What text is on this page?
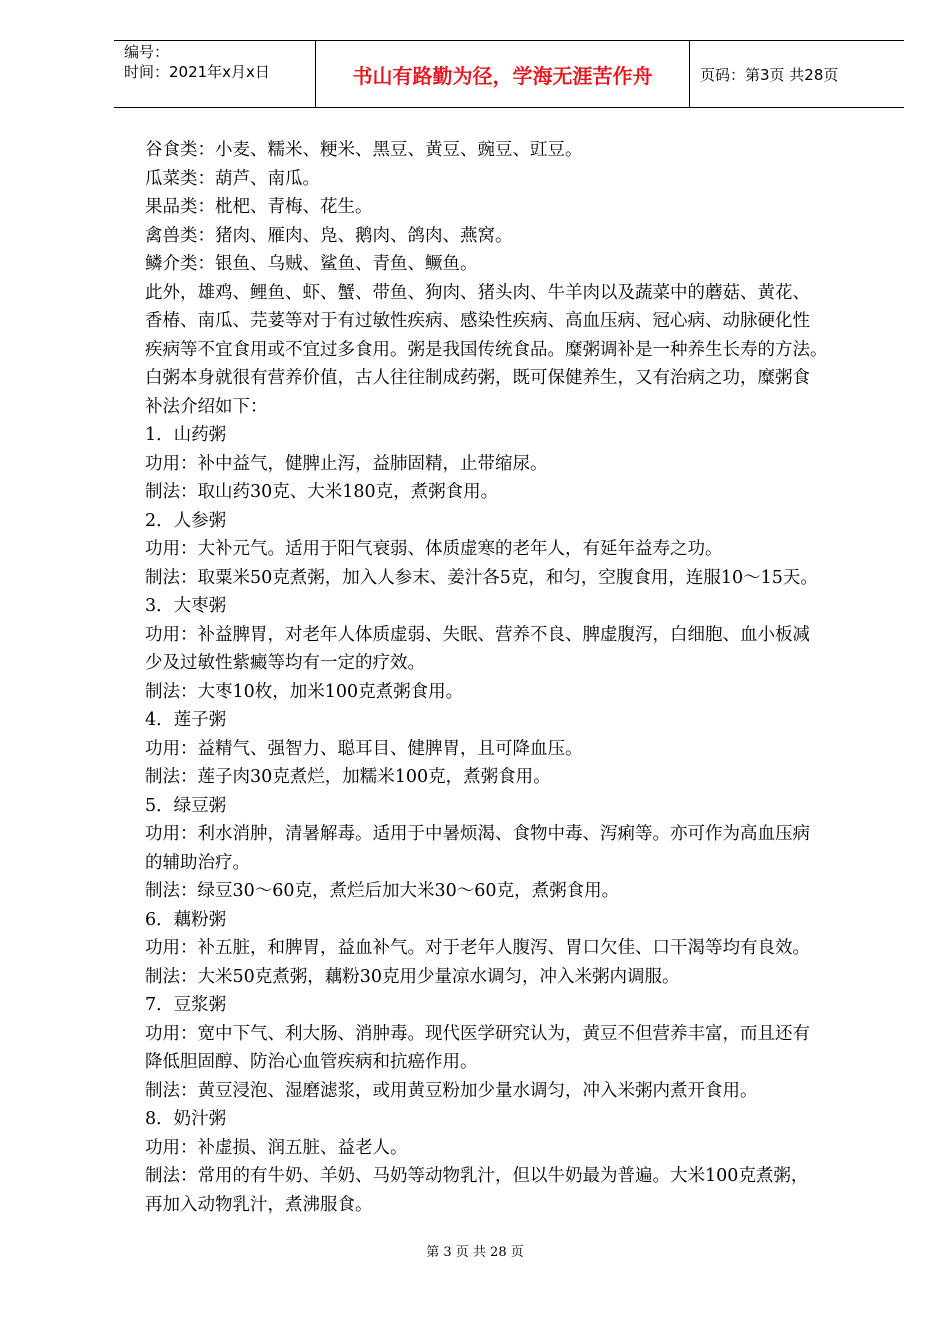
编号：
时间：2021年x月x日	书山有路勤为径，学海无涯苦作舟	页码：第3页 共28页
谷食类：小麦、糯米、粳米、黑豆、黄豆、豌豆、豇豆。
瓜菜类：葫芦、南瓜。
果品类：枇杷、青梅、花生。
禽兽类：猪肉、雁肉、凫、鹅肉、鸽肉、燕窝。
鳞介类：银鱼、乌贼、鲨鱼、青鱼、鳜鱼。
此外，雄鸡、鲤鱼、虾、蟹、带鱼、狗肉、猪头肉、牛羊肉以及蔬菜中的蘑菇、黄花、
香椿、南瓜、芫荽等对于有过敏性疾病、感染性疾病、高血压病、冠心病、动脉硬化性
疾病等不宜食用或不宜过多食用。粥是我国传统食品。糜粥调补是一种养生长寿的方法。
白粥本身就很有营养价值，古人往往制成药粥，既可保健养生，又有治病之功，糜粥食
补法介绍如下：
1．山药粥
功用：补中益气，健脾止泻，益肺固精，止带缩尿。
制法：取山药30克、大米180克，煮粥食用。
2．人参粥
功用：大补元气。适用于阳气衰弱、体质虚寒的老年人，有延年益寿之功。
制法：取粟米50克煮粥，加入人参末、姜汁各5克，和匀，空腹食用，连服10～15天。
3．大枣粥
功用：补益脾胃，对老年人体质虚弱、失眠、营养不良、脾虚腹泻，白细胞、血小板减
少及过敏性紫癜等均有一定的疗效。
制法：大枣10枚，加米100克煮粥食用。
4．莲子粥
功用：益精气、强智力、聪耳目、健脾胃，且可降血压。
制法：莲子肉30克煮烂，加糯米100克，煮粥食用。
5．绿豆粥
功用：利水消肿，清暑解毒。适用于中暑烦渴、食物中毒、泻痢等。亦可作为高血压病
的辅助治疗。
制法：绿豆30～60克，煮烂后加大米30～60克，煮粥食用。
6．藕粉粥
功用：补五脏，和脾胃，益血补气。对于老年人腹泻、胃口欠佳、口干渴等均有良效。
制法：大米50克煮粥，藕粉30克用少量凉水调匀，冲入米粥内调服。
7．豆浆粥
功用：宽中下气、利大肠、消肿毒。现代医学研究认为，黄豆不但营养丰富，而且还有
降低胆固醇、防治心血管疾病和抗癌作用。
制法：黄豆浸泡、湿磨滤浆，或用黄豆粉加少量水调匀，冲入米粥内煮开食用。
8．奶汁粥
功用：补虚损、润五脏、益老人。
制法：常用的有牛奶、羊奶、马奶等动物乳汁，但以牛奶最为普遍。大米100克煮粥，
再加入动物乳汁，煮沸服食。
第 3 页 共 28 页
